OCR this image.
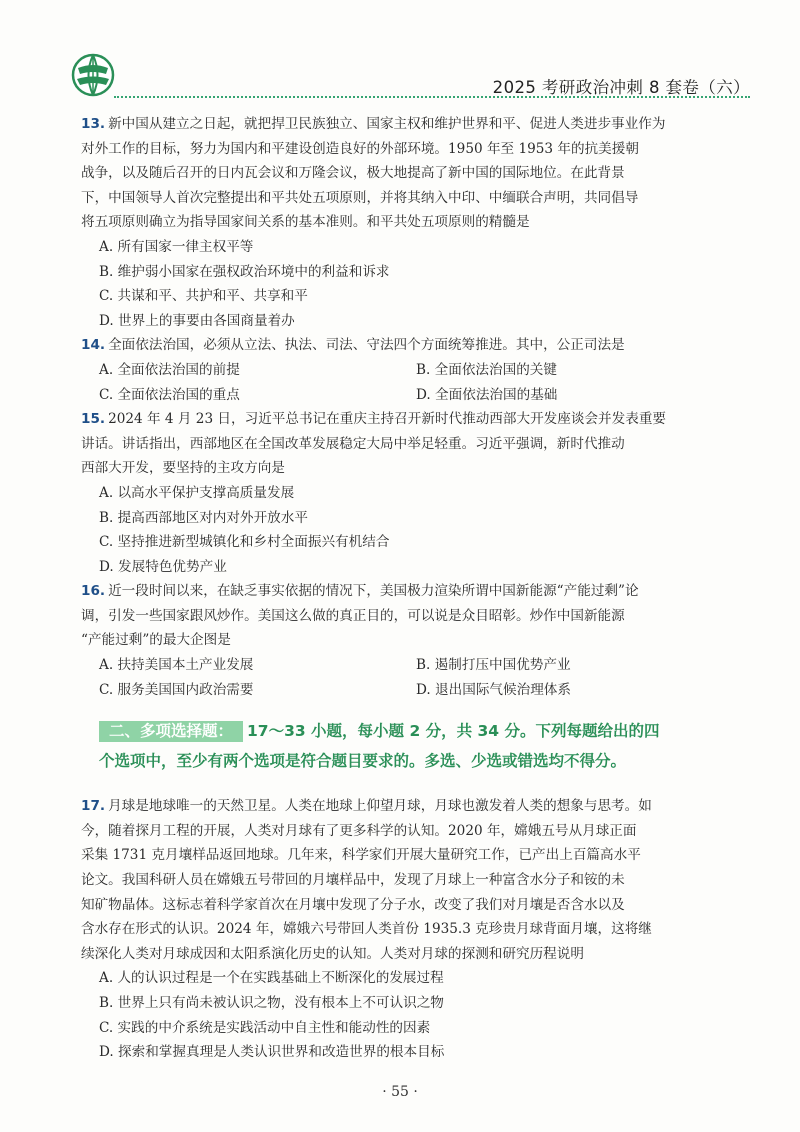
2025 考研政治冲刺 8 套卷（六）
13. 新中国从建立之日起，就把捍卫民族独立、国家主权和维护世界和平、促进人类进步事业作为
对外工作的目标，努力为国内和平建设创造良好的外部环境。1950 年至 1953 年的抗美援朝
战争，以及随后召开的日内瓦会议和万隆会议，极大地提高了新中国的国际地位。在此背景
下，中国领导人首次完整提出和平共处五项原则，并将其纳入中印、中缅联合声明，共同倡导
将五项原则确立为指导国家间关系的基本准则。和平共处五项原则的精髓是
A. 所有国家一律主权平等
B. 维护弱小国家在强权政治环境中的利益和诉求
C. 共谋和平、共护和平、共享和平
D. 世界上的事要由各国商量着办
14. 全面依法治国，必须从立法、执法、司法、守法四个方面统筹推进。其中，公正司法是
A. 全面依法治国的前提	B. 全面依法治国的关键
C. 全面依法治国的重点	D. 全面依法治国的基础
15. 2024 年 4 月 23 日，习近平总书记在重庆主持召开新时代推动西部大开发座谈会并发表重要
讲话。讲话指出，西部地区在全国改革发展稳定大局中举足轻重。习近平强调，新时代推动
西部大开发，要坚持的主攻方向是
A. 以高水平保护支撑高质量发展
B. 提高西部地区对内对外开放水平
C. 坚持推进新型城镇化和乡村全面振兴有机结合
D. 发展特色优势产业
16. 近一段时间以来，在缺乏事实依据的情况下，美国极力渲染所谓中国新能源“产能过剩”论
调，引发一些国家跟风炒作。美国这么做的真正目的，可以说是众目昭彰。炒作中国新能源
“产能过剩”的最大企图是
A. 扶持美国本土产业发展	B. 遏制打压中国优势产业
C. 服务美国国内政治需要	D. 退出国际气候治理体系
二、多项选择题： 17～33 小题，每小题 2 分，共 34 分。下列每题给出的四
个选项中，至少有两个选项是符合题目要求的。多选、少选或错选均不得分。
17. 月球是地球唯一的天然卫星。人类在地球上仰望月球，月球也激发着人类的想象与思考。如
今，随着探月工程的开展，人类对月球有了更多科学的认知。2020 年，嫦娥五号从月球正面
采集 1731 克月壤样品返回地球。几年来，科学家们开展大量研究工作，已产出上百篇高水平
论文。我国科研人员在嫦娥五号带回的月壤样品中，发现了月球上一种富含水分子和铵的未
知矿物晶体。这标志着科学家首次在月壤中发现了分子水，改变了我们对月壤是否含水以及
含水存在形式的认识。2024 年，嫦娥六号带回人类首份 1935.3 克珍贵月球背面月壤，这将继
续深化人类对月球成因和太阳系演化历史的认知。人类对月球的探测和研究历程说明
A. 人的认识过程是一个在实践基础上不断深化的发展过程
B. 世界上只有尚未被认识之物，没有根本上不可认识之物
C. 实践的中介系统是实践活动中自主性和能动性的因素
D. 探索和掌握真理是人类认识世界和改造世界的根本目标
· 55 ·
